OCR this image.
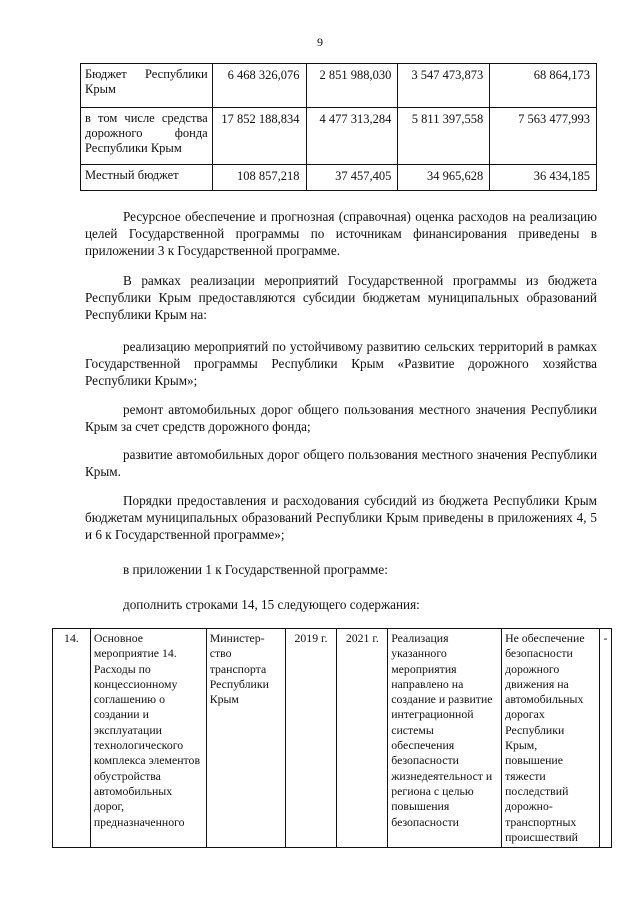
9
Бюджет Республики Крым	6 468 326,076	2 851 988,030	3 547 473,873	68 864,173
в том числе средства дорожного фонда Республики Крым	17 852 188,834	4 477 313,284	5 811 397,558	7 563 477,993
Местный бюджет	108 857,218	37 457,405	34 965,628	36 434,185
Ресурсное обеспечение и прогнозная (справочная) оценка расходов на реализацию целей Государственной программы по источникам финансирования приведены в приложении 3 к Государственной программе.
В рамках реализации мероприятий Государственной программы из бюджета Республики Крым предоставляются субсидии бюджетам муниципальных образований Республики Крым на:
реализацию мероприятий по устойчивому развитию сельских территорий в рамках Государственной программы Республики Крым «Развитие дорожного хозяйства Республики Крым»;
ремонт автомобильных дорог общего пользования местного значения Республики Крым за счет средств дорожного фонда;
развитие автомобильных дорог общего пользования местного значения Республики Крым.
Порядки предоставления и расходования субсидий из бюджета Республики Крым бюджетам муниципальных образований Республики Крым приведены в приложениях 4, 5 и 6 к Государственной программе»;
в приложении 1 к Государственной программе:
дополнить строками 14, 15 следующего содержания:
14.	Основное мероприятие 14. Расходы по концессионному соглашению о создании и эксплуатации технологического комплекса элементов обустройства автомобильных дорог, предназначенного	Министер-ство транспорта Республики Крым	2019 г.	2021 г.	Реализация указанного мероприятия направлено на создание и развитие интеграционной системы обеспечения безопасности жизнедеятельност и региона с целью повышения безопасности	Не обеспечение безопасности дорожного движения на автомобильных дорогах Республики Крым, повышение тяжести последствий дорожно-транспортных происшествий	-
